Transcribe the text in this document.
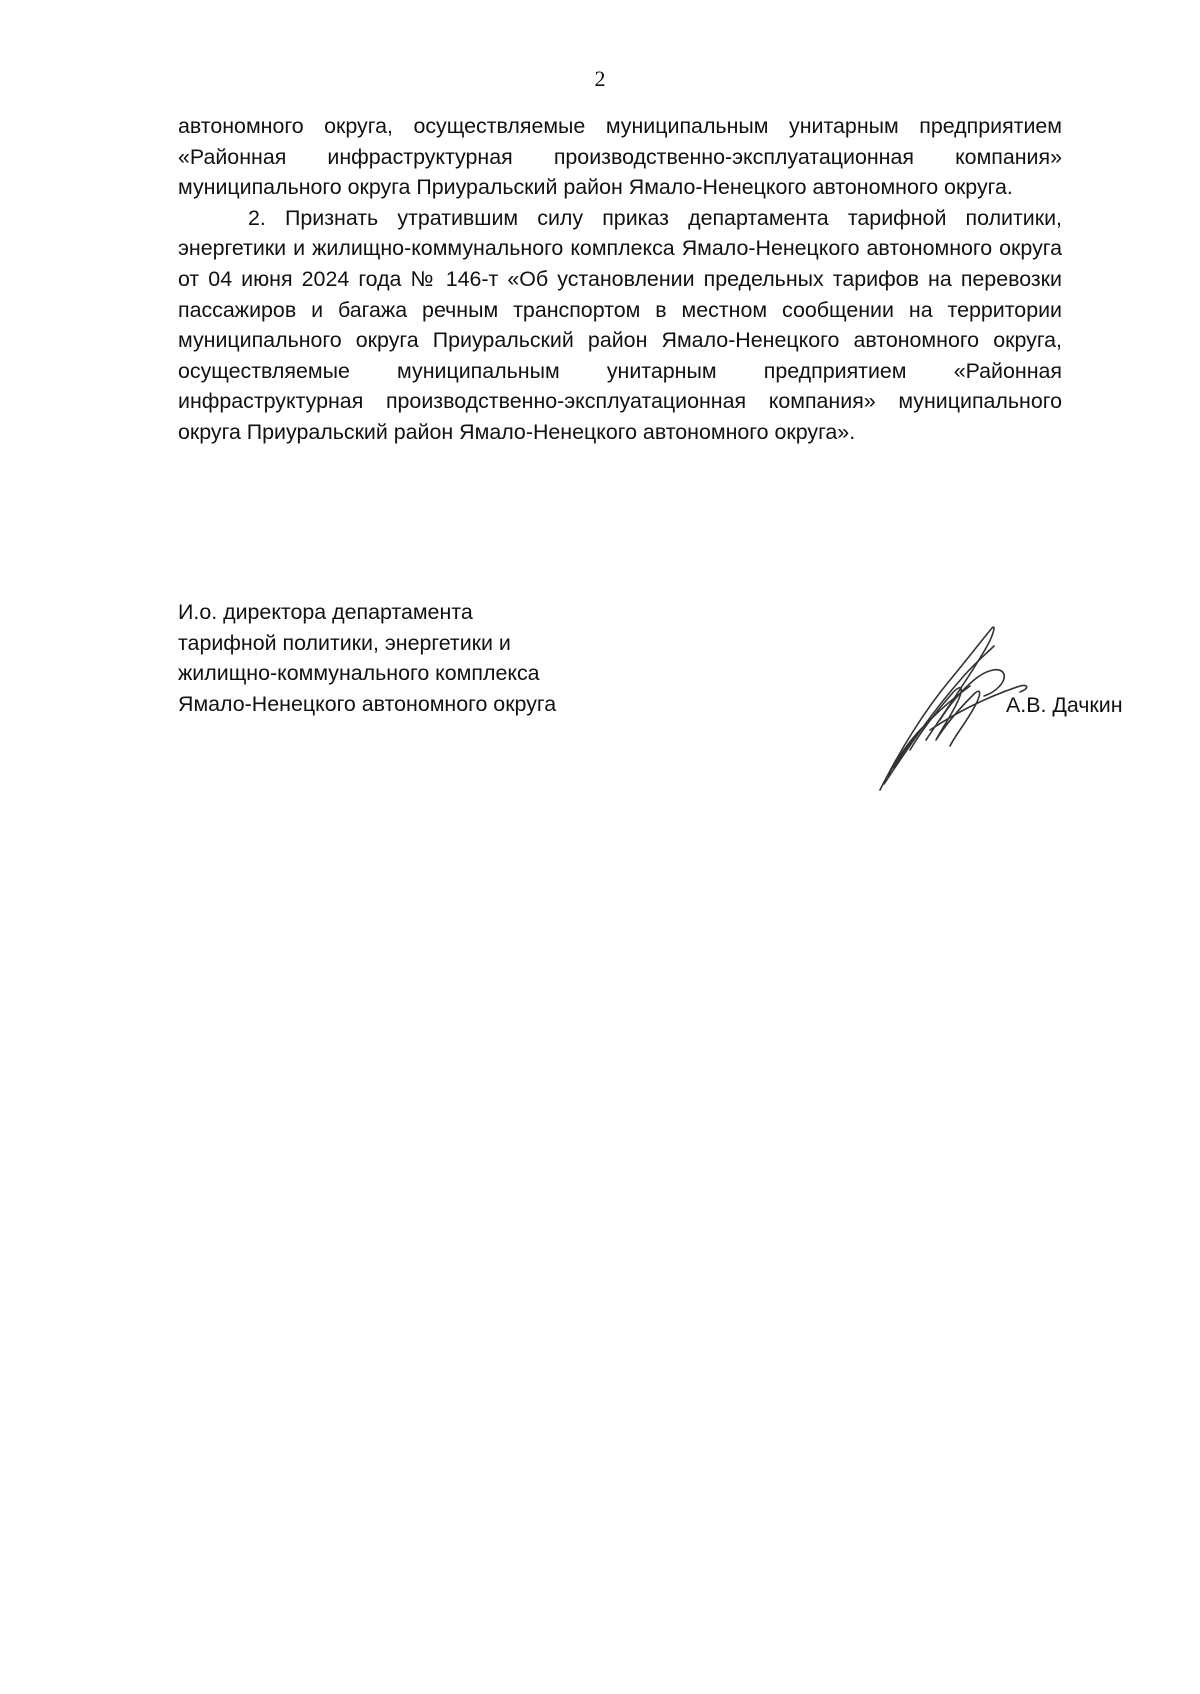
2

автономного округа, осуществляемые муниципальным унитарным предприятием «Районная инфраструктурная производственно-эксплуатационная компания» муниципального округа Приуральский район Ямало-Ненецкого автономного округа.

2. Признать утратившим силу приказ департамента тарифной политики, энергетики и жилищно-коммунального комплекса Ямало-Ненецкого автономного округа от 04 июня 2024 года № 146-т «Об установлении предельных тарифов на перевозки пассажиров и багажа речным транспортом в местном сообщении на территории муниципального округа Приуральский район Ямало-Ненецкого автономного округа, осуществляемые муниципальным унитарным предприятием «Районная инфраструктурная производственно-эксплуатационная компания» муниципального округа Приуральский район Ямало-Ненецкого автономного округа».

И.о. директора департамента
тарифной политики, энергетики и
жилищно-коммунального комплекса
Ямало-Ненецкого автономного округа	А.В. Дачкин
